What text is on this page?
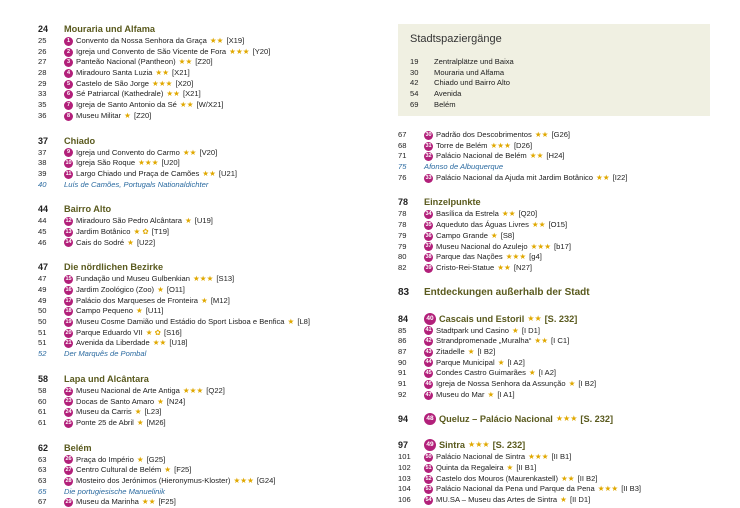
24	Mouraria und Alfama
25	1 Convento da Nossa Senhora da Graça ★★ [X19]
26	2 Igreja und Convento de São Vicente de Fora ★★★ [Y20]
27	3 Panteão Nacional (Pantheon) ★★ [Z20]
28	4 Miradouro Santa Luzia ★★ [X21]
29	5 Castelo de São Jorge ★★★ [X20]
33	6 Sé Patriarcal (Kathedrale) ★★ [X21]
35	7 Igreja de Santo Antonio da Sé ★★ [W/X21]
36	8 Museu Militar ★ [Z20]
37	Chiado
37	9 Igreja und Convento do Carmo ★★ [V20]
38	10 Igreja São Roque ★★★ [U20]
39	11 Largo Chiado und Praça de Camões ★★ [U21]
40	Luís de Camões, Portugals Nationaldichter
44	Bairro Alto
44	12 Miradouro São Pedro Alcântara ★ [U19]
45	13 Jardim Botânico ★ ✿ [T19]
46	14 Cais do Sodré ★ [U22]
47	Die nördlichen Bezirke
47	15 Fundação und Museu Gulbenkian ★★★ [S13]
49	16 Jardim Zoológico (Zoo) ★ [O11]
49	17 Palácio dos Marqueses de Fronteira ★ [M12]
50	18 Campo Pequeno ★ [U11]
50	19 Museu Cosme Damião und Estádio do Sport Lisboa e Benfica ★ [L8]
51	20 Parque Eduardo VII ★ ✿ [S16]
51	21 Avenida da Liberdade ★★ [U18]
52	Der Marquês de Pombal
58	Lapa und Alcântara
58	22 Museu Nacional de Arte Antiga ★★★ [Q22]
60	23 Docas de Santo Amaro ★ [N24]
61	24 Museu da Carris ★ [L23]
61	25 Ponte 25 de Abril ★ [M26]
62	Belém
63	26 Praça do Império ★ [G25]
63	27 Centro Cultural de Belém ★ [F25]
63	28 Mosteiro dos Jerónimos (Hieronymus-Kloster) ★★★ [G24]
65	Die portugiesische Manuelinik
67	29 Museu da Marinha ★★ [F25]
Stadtspaziergänge
19	Zentralplätze und Baixa
30	Mouraria und Alfama
42	Chiado und Bairro Alto
54	Avenida
69	Belém
67	30 Padrão dos Descobrimentos ★★ [G26]
68	31 Torre de Belém ★★★ [D26]
71	32 Palácio Nacional de Belém ★★ [H24]
75	Afonso de Albuquerque
76	33 Palácio Nacional da Ajuda mit Jardim Botânico ★★ [I22]
78	Einzelpunkte
78	34 Basílica da Estrela ★★ [Q20]
78	35 Aqueduto das Águas Livres ★★ [O15]
79	36 Campo Grande ★ [S8]
79	37 Museu Nacional do Azulejo ★★★ [b17]
80	38 Parque das Nações ★★★ [g4]
82	39 Cristo-Rei-Statue ★★ [N27]
83	Entdeckungen außerhalb der Stadt
84	40 Cascais und Estoril ★★ [S. 232]
85	41 Stadtpark und Casino ★ [I D1]
86	42 Strandpromenade „Muralha“ ★★ [I C1]
87	43 Zitadelle ★ [I B2]
90	44 Parque Municipal ★ [I A2]
91	45 Condes Castro Guimarães ★ [I A2]
91	46 Igreja de Nossa Senhora da Assunção ★ [I B2]
92	47 Museu do Mar ★ [I A1]
94	48 Queluz – Palácio Nacional ★★★ [S. 232]
97	49 Sintra ★★★ [S. 232]
101	50 Palácio Nacional de Sintra ★★★ [II B1]
102	51 Quinta da Regaleira ★ [II B1]
103	52 Castelo dos Mouros (Maurenkastell) ★★ [II B2]
104	53 Palácio Nacional da Pena und Parque da Pena ★★★ [II B3]
106	54 MU.SA – Museu das Artes de Sintra ★ [II D1]
